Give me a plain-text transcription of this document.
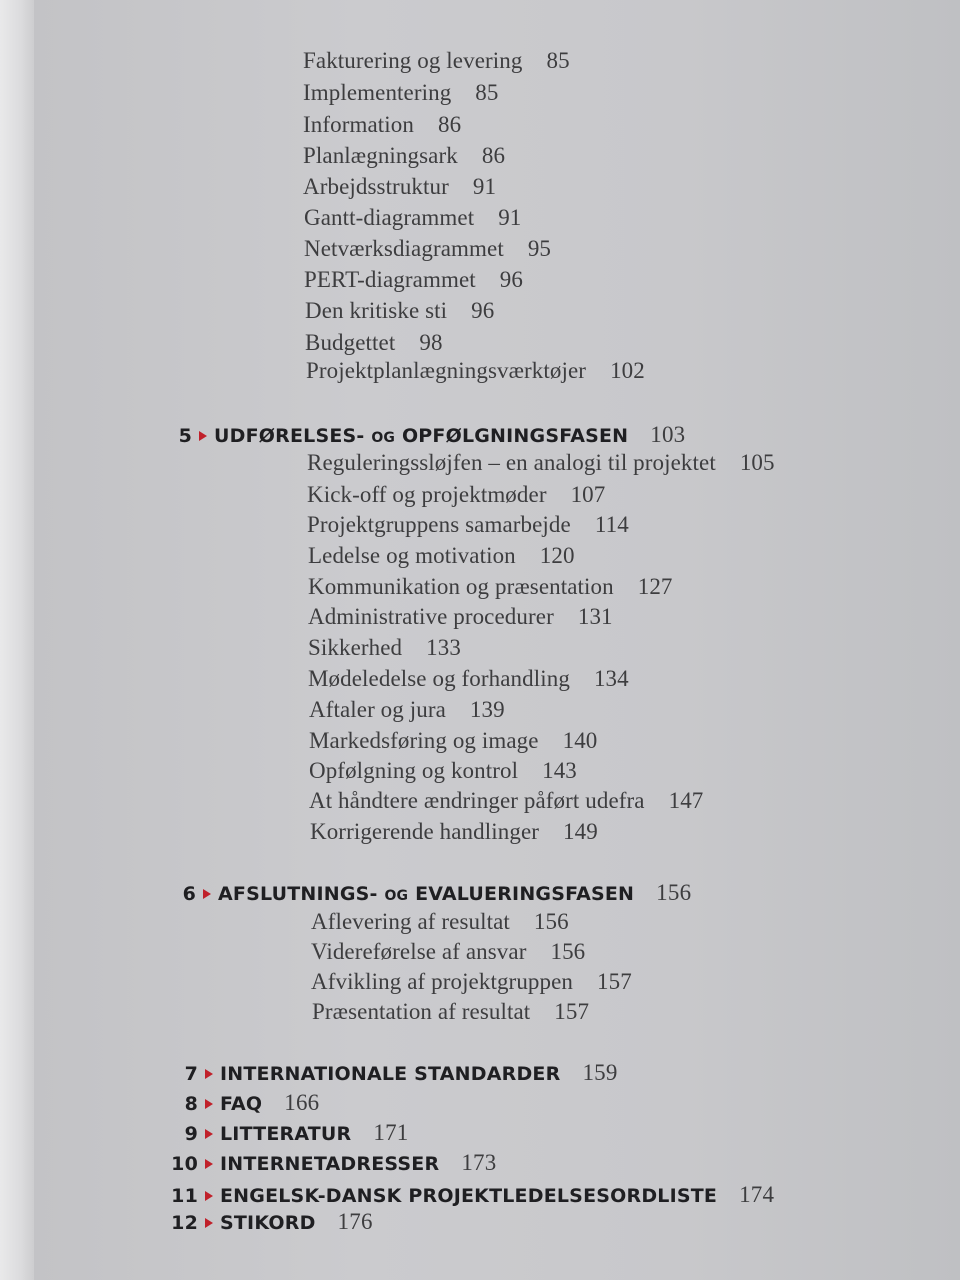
Fakturering og levering 85
Implementering 85
Information 86
Planlægningsark 86
Arbejdsstruktur 91
Gantt-diagrammet 91
Netværksdiagrammet 95
PERT-diagrammet 96
Den kritiske sti 96
Budgettet 98
Projektplanlægningsværktøjer 102
5 UDFØRELSES- OG OPFØLGNINGSFASEN 103
Reguleringssløjfen – en analogi til projektet 105
Kick-off og projektmøder 107
Projektgruppens samarbejde 114
Ledelse og motivation 120
Kommunikation og præsentation 127
Administrative procedurer 131
Sikkerhed 133
Mødeledelse og forhandling 134
Aftaler og jura 139
Markedsføring og image 140
Opfølgning og kontrol 143
At håndtere ændringer påført udefra 147
Korrigerende handlinger 149
6 AFSLUTNINGS- OG EVALUERINGSFASEN 156
Aflevering af resultat 156
Videreførelse af ansvar 156
Afvikling af projektgruppen 157
Præsentation af resultat 157
7 INTERNATIONALE STANDARDER 159
8 FAQ 166
9 LITTERATUR 171
10 INTERNETADRESSER 173
11 ENGELSK-DANSK PROJEKTLEDELSESORDLISTE 174
12 STIKORD 176
